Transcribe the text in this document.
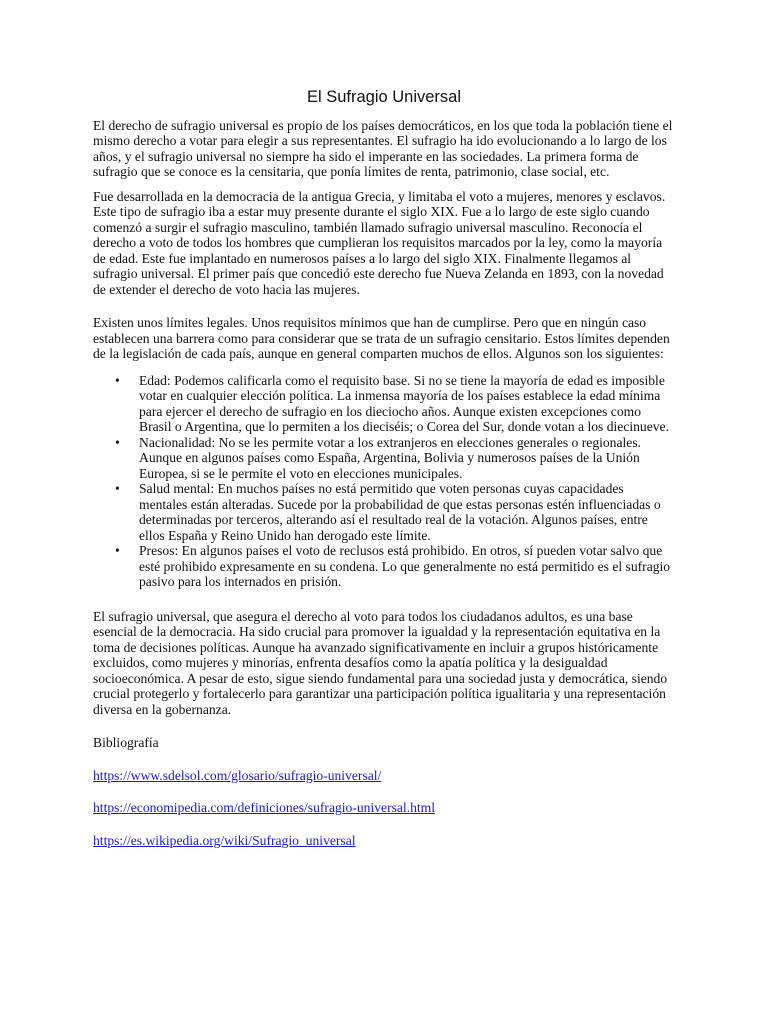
El Sufragio Universal

El derecho de sufragio universal es propio de los países democráticos, en los que toda la población tiene el mismo derecho a votar para elegir a sus representantes. El sufragio ha ido evolucionando a lo largo de los años, y el sufragio universal no siempre ha sido el imperante en las sociedades. La primera forma de sufragio que se conoce es la censitaria, que ponía límites de renta, patrimonio, clase social, etc.

Fue desarrollada en la democracia de la antigua Grecia, y limitaba el voto a mujeres, menores y esclavos. Este tipo de sufragio iba a estar muy presente durante el siglo XIX. Fue a lo largo de este siglo cuando comenzó a surgir el sufragio masculino, también llamado sufragio universal masculino. Reconocía el derecho a voto de todos los hombres que cumplieran los requisitos marcados por la ley, como la mayoría de edad. Este fue implantado en numerosos países a lo largo del siglo XIX. Finalmente llegamos al sufragio universal. El primer país que concedió este derecho fue Nueva Zelanda en 1893, con la novedad de extender el derecho de voto hacia las mujeres.

Existen unos límites legales. Unos requisitos mínimos que han de cumplirse. Pero que en ningún caso establecen una barrera como para considerar que se trata de un sufragio censitario. Estos límites dependen de la legislación de cada país, aunque en general comparten muchos de ellos. Algunos son los siguientes:

• Edad: Podemos calificarla como el requisito base. Si no se tiene la mayoría de edad es imposible votar en cualquier elección política. La inmensa mayoría de los países establece la edad mínima para ejercer el derecho de sufragio en los dieciocho años. Aunque existen excepciones como Brasil o Argentina, que lo permiten a los dieciséis; o Corea del Sur, donde votan a los diecinueve.
• Nacionalidad: No se les permite votar a los extranjeros en elecciones generales o regionales. Aunque en algunos países como España, Argentina, Bolivia y numerosos países de la Unión Europea, si se le permite el voto en elecciones municipales.
• Salud mental: En muchos países no está permitido que voten personas cuyas capacidades mentales están alteradas. Sucede por la probabilidad de que estas personas estén influenciadas o determinadas por terceros, alterando así el resultado real de la votación. Algunos países, entre ellos España y Reino Unido han derogado este límite.
• Presos: En algunos países el voto de reclusos está prohibido. En otros, sí pueden votar salvo que esté prohibido expresamente en su condena. Lo que generalmente no está permitido es el sufragio pasivo para los internados en prisión.

El sufragio universal, que asegura el derecho al voto para todos los ciudadanos adultos, es una base esencial de la democracia. Ha sido crucial para promover la igualdad y la representación equitativa en la toma de decisiones políticas. Aunque ha avanzado significativamente en incluir a grupos históricamente excluidos, como mujeres y minorías, enfrenta desafíos como la apatía política y la desigualdad socioeconómica. A pesar de esto, sigue siendo fundamental para una sociedad justa y democrática, siendo crucial protegerlo y fortalecerlo para garantizar una participación política igualitaria y una representación diversa en la gobernanza.

Bibliografía

https://www.sdelsol.com/glosario/sufragio-universal/

https://economipedia.com/definiciones/sufragio-universal.html

https://es.wikipedia.org/wiki/Sufragio_universal
